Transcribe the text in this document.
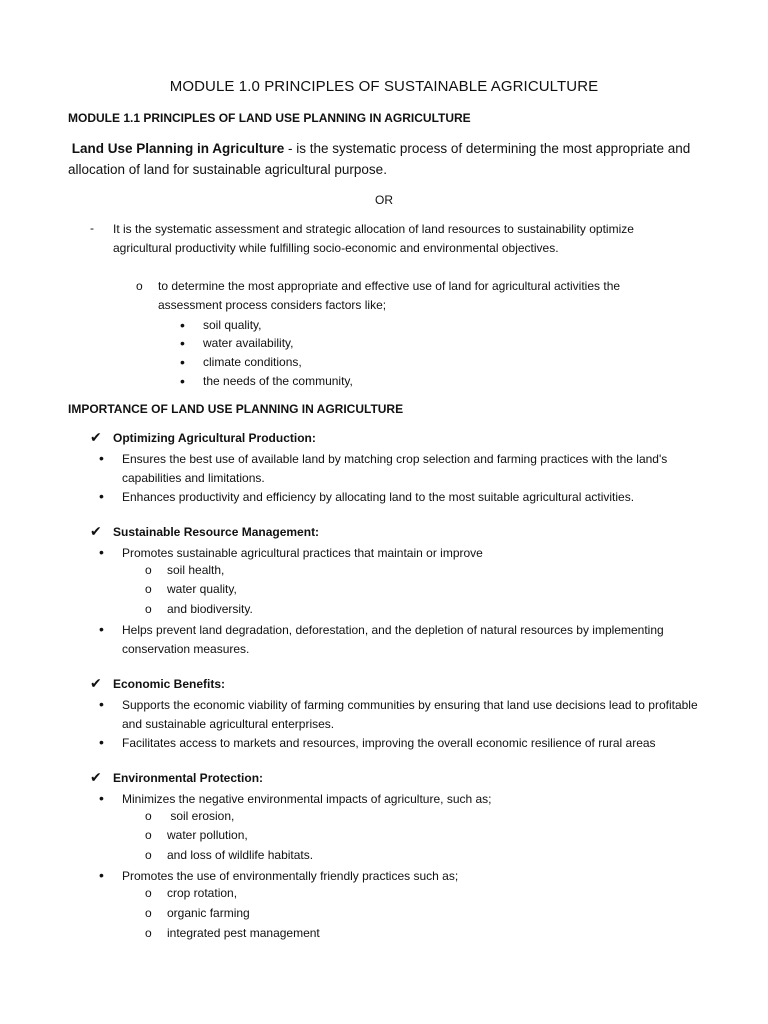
MODULE 1.0 PRINCIPLES OF SUSTAINABLE AGRICULTURE
MODULE 1.1 PRINCIPLES OF LAND USE PLANNING IN AGRICULTURE
Land Use Planning in Agriculture - is the systematic process of determining the most appropriate and
allocation of land for sustainable agricultural purpose.
OR
- It is the systematic assessment and strategic allocation of land resources to sustainability optimize agricultural productivity while fulfilling socio-economic and environmental objectives.
o to determine the most appropriate and effective use of land for agricultural activities the
assessment process considers factors like;
• soil quality,
• water availability,
• climate conditions,
• the needs of the community,
IMPORTANCE OF LAND USE PLANNING IN AGRICULTURE
✔ Optimizing Agricultural Production:
• Ensures the best use of available land by matching crop selection and farming practices with the land's capabilities and limitations.
• Enhances productivity and efficiency by allocating land to the most suitable agricultural activities.
✔ Sustainable Resource Management:
• Promotes sustainable agricultural practices that maintain or improve
o soil health,
o water quality,
o and biodiversity.
• Helps prevent land degradation, deforestation, and the depletion of natural resources by implementing conservation measures.
✔ Economic Benefits:
• Supports the economic viability of farming communities by ensuring that land use decisions lead to profitable and sustainable agricultural enterprises.
• Facilitates access to markets and resources, improving the overall economic resilience of rural areas
✔ Environmental Protection:
• Minimizes the negative environmental impacts of agriculture, such as;
o soil erosion,
o water pollution,
o and loss of wildlife habitats.
• Promotes the use of environmentally friendly practices such as;
o crop rotation,
o organic farming
o integrated pest management
